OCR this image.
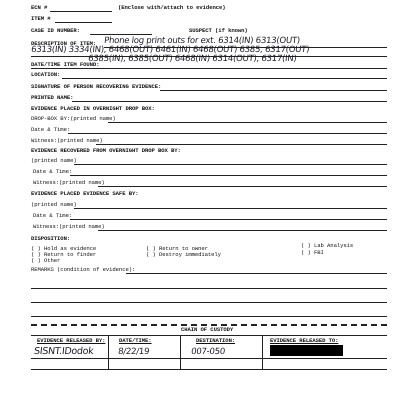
ECN #	(Enclose with/attach to evidence)
ITEM #
CASE ID NUMBER:	SUSPECT (if known)
DESCRIPTION OF ITEM: Phone log print outs for ext. 6314(IN) 6313(OUT)
6313(IN) 3334(IN), 6468(OUT) 6461(IN) 6468(OUT) 6385, 6317(OUT)
6385(IN), 6385(OUT) 6468(IN) 6314(OUT), 6317(IN)
DATE/TIME ITEM FOUND:
LOCATION:
SIGNATURE OF PERSON RECOVERING EVIDENCE:
PRINTED NAME:
EVIDENCE PLACED IN OVERNIGHT DROP BOX:
DROP-BOX BY:(printed name)
Date & Time:
Witness:(printed name)
EVIDENCE RECOVERED FROM OVERNIGHT DROP BOX BY:
(printed name)
Date & Time:
Witness:(printed name)
EVIDENCE PLACED EVIDENCE SAFE BY:
(printed name)
Date & Time:
Witness:(printed name)
DISPOSITION:
( ) Hold as evidence
( ) Return to finder
( ) Other
( ) Return to owner
( ) Destroy immediately
( ) Lab Analysis
( ) FBI
REMARKS (condition of evidence):
CHAIN OF CUSTODY
EVIDENCE RELEASED BY: DATE/TIME:	DESTINATION:	EVIDENCE RELEASED TO:
SISNT.IDodok	8/22/19	007-050
